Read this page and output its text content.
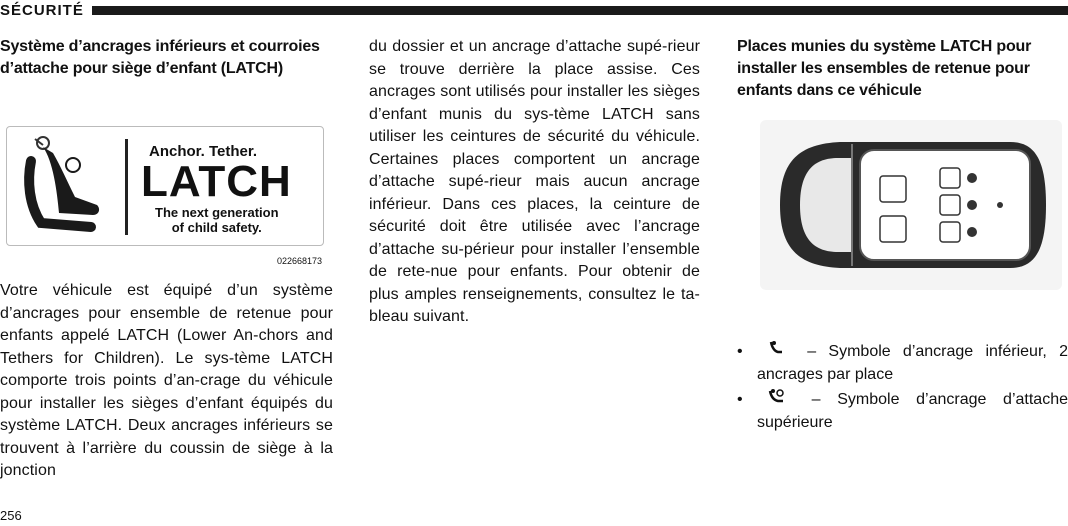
SÉCURITÉ

Système d’ancrages inférieurs et courroies d’attache pour siège d’enfant (LATCH)

Anchor. Tether.
LATCH
The next generation
of child safety.
022668173

Votre véhicule est équipé d’un système d’ancrages pour ensemble de retenue pour enfants appelé LATCH (Lower An-chors and Tethers for Children). Le sys-tème LATCH comporte trois points d’an-crage du véhicule pour installer les sièges d’enfant équipés du système LATCH. Deux ancrages inférieurs se trouvent à l’arrière du coussin de siège à la jonction

du dossier et un ancrage d’attache supé-rieur se trouve derrière la place assise. Ces ancrages sont utilisés pour installer les sièges d’enfant munis du sys-tème LATCH sans utiliser les ceintures de sécurité du véhicule. Certaines places comportent un ancrage d’attache supé-rieur mais aucun ancrage inférieur. Dans ces places, la ceinture de sécurité doit être utilisée avec l’ancrage d’attache su-périeur pour installer l’ensemble de rete-nue pour enfants. Pour obtenir de plus amples renseignements, consultez le ta-bleau suivant.

Places munies du système LATCH pour installer les ensembles de retenue pour enfants dans ce véhicule

•	– Symbole d’ancrage inférieur, 2 ancrages par place
•	– Symbole d’ancrage d’attache supérieure
256
